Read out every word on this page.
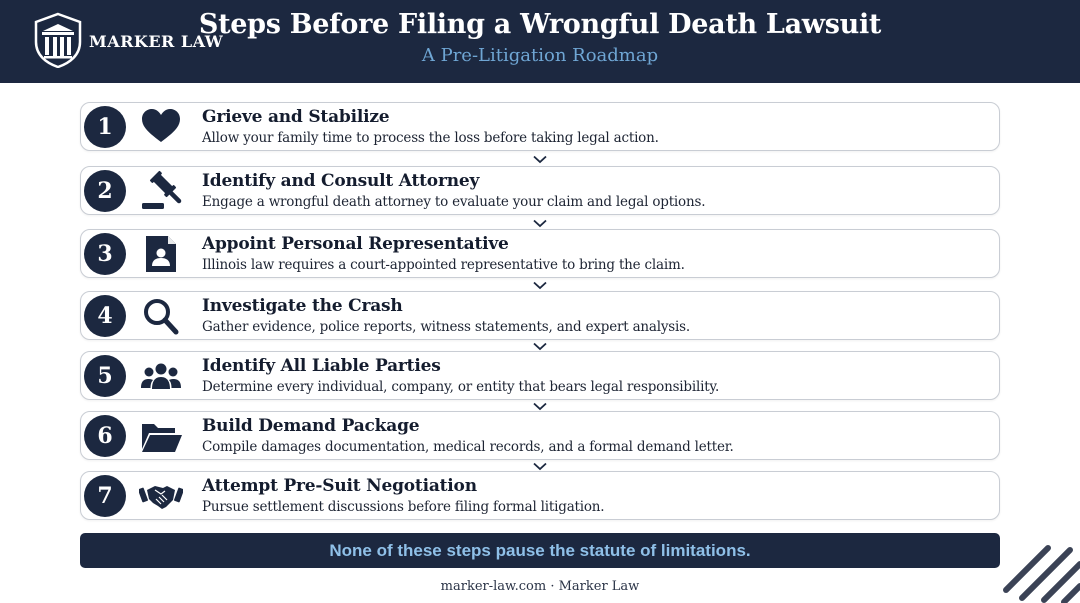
MARKER LAW
Steps Before Filing a Wrongful Death Lawsuit
A Pre-Litigation Roadmap
1	Grieve and Stabilize
Allow your family time to process the loss before taking legal action.
2	Identify and Consult Attorney
Engage a wrongful death attorney to evaluate your claim and legal options.
3	Appoint Personal Representative
Illinois law requires a court-appointed representative to bring the claim.
4	Investigate the Crash
Gather evidence, police reports, witness statements, and expert analysis.
5	Identify All Liable Parties
Determine every individual, company, or entity that bears legal responsibility.
6	Build Demand Package
Compile damages documentation, medical records, and a formal demand letter.
7	Attempt Pre-Suit Negotiation
Pursue settlement discussions before filing formal litigation.
None of these steps pause the statute of limitations.
marker-law.com · Marker Law
